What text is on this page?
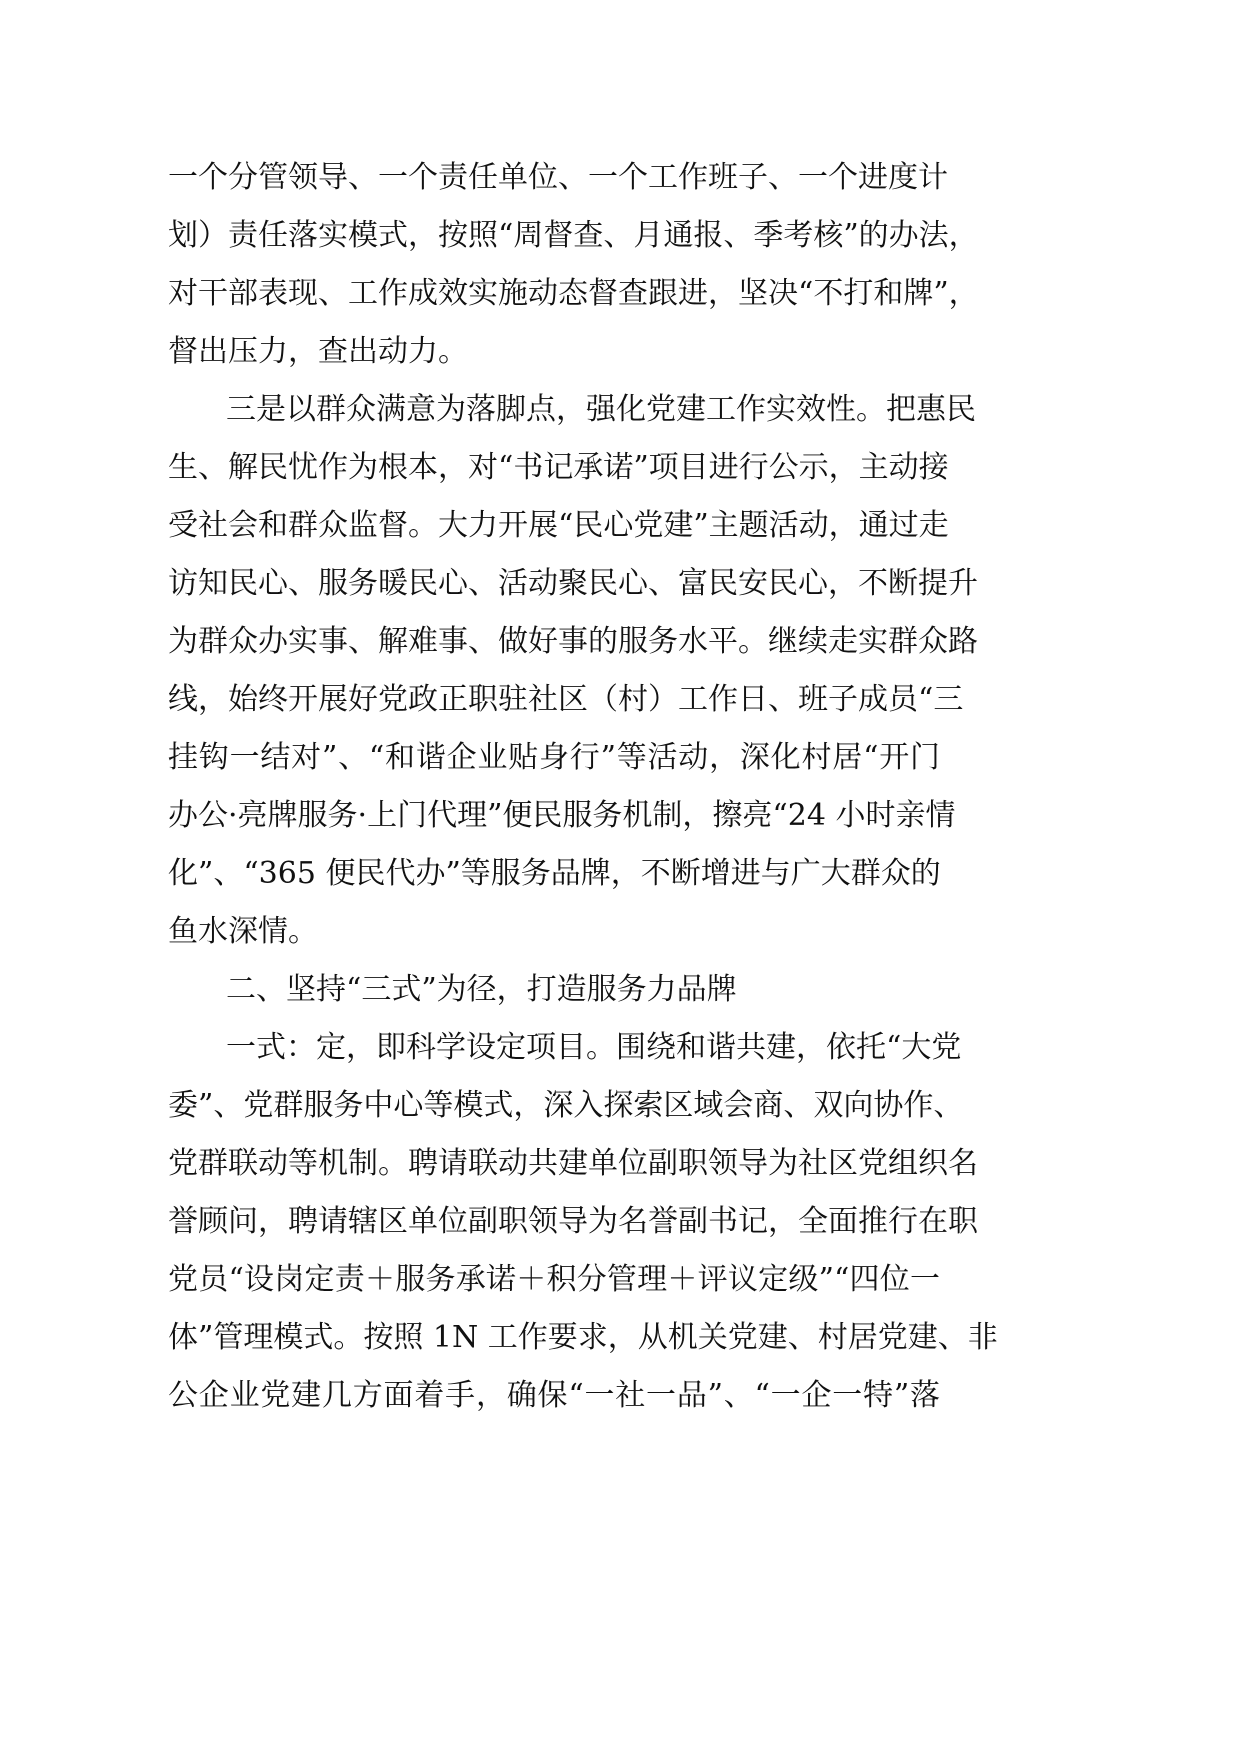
一个分管领导、一个责任单位、一个工作班子、一个进度计
划）责任落实模式，按照“周督查、月通报、季考核”的办法，
对干部表现、工作成效实施动态督查跟进，坚决“不打和牌”，
督出压力，查出动力。
三是以群众满意为落脚点，强化党建工作实效性。把惠民
生、解民忧作为根本，对“书记承诺”项目进行公示，主动接
受社会和群众监督。大力开展“民心党建”主题活动，通过走
访知民心、服务暖民心、活动聚民心、富民安民心，不断提升
为群众办实事、解难事、做好事的服务水平。继续走实群众路
线，始终开展好党政正职驻社区（村）工作日、班子成员“三
挂钩一结对”、“和谐企业贴身行”等活动，深化村居“开门
办公·亮牌服务·上门代理”便民服务机制，擦亮“24 小时亲情
化”、“365 便民代办”等服务品牌，不断增进与广大群众的
鱼水深情。
二、坚持“三式”为径，打造服务力品牌
一式：定，即科学设定项目。围绕和谐共建，依托“大党
委”、党群服务中心等模式，深入探索区域会商、双向协作、
党群联动等机制。聘请联动共建单位副职领导为社区党组织名
誉顾问，聘请辖区单位副职领导为名誉副书记，全面推行在职
党员“设岗定责＋服务承诺＋积分管理＋评议定级”“四位一
体”管理模式。按照 1N 工作要求，从机关党建、村居党建、非
公企业党建几方面着手，确保“一社一品”、“一企一特”落
